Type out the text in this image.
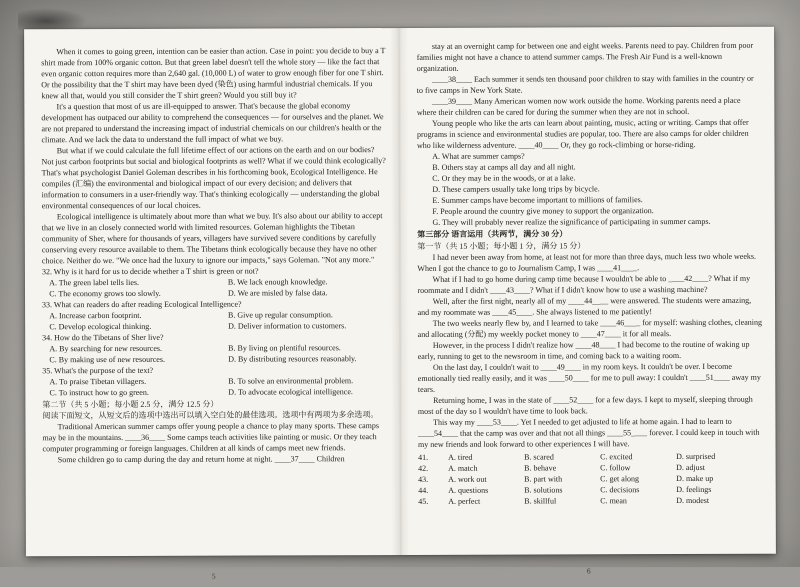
When it comes to going green, intention can be easier than action. Case in point: you decide to buy a T shirt made from 100% organic cotton. But that green label doesn't tell the whole story — like the fact that even organic cotton requires more than 2,640 gal. (10,000 L) of water to grow enough fiber for one T shirt. Or the possibility that the T shirt may have been dyed (染色) using harmful industrial chemicals. If you knew all that, would you still consider the T shirt green? Would you still buy it?

It's a question that most of us are ill-equipped to answer. That's because the global economy development has outpaced our ability to comprehend the consequences — for ourselves and the planet. We are not prepared to understand the increasing impact of industrial chemicals on our children's health or the climate. And we lack the data to understand the full impact of what we buy.

But what if we could calculate the full lifetime effect of our actions on the earth and on our bodies? Not just carbon footprints but social and biological footprints as well? What if we could think ecologically? That's what psychologist Daniel Goleman describes in his forthcoming book, Ecological Intelligence. He compiles (汇编) the environmental and biological impact of our every decision; and delivers that information to consumers in a user-friendly way. That's thinking ecologically — understanding the global environmental consequences of our local choices.

Ecological intelligence is ultimately about more than what we buy. It's also about our ability to accept that we live in an closely connected world with limited resources. Goleman highlights the Tibetan community of Sher, where for thousands of years, villagers have survived severe conditions by carefully conserving every resource available to them. The Tibetans think ecologically because they have no other choice. Neither do we. "We once had the luxury to ignore our impacts," says Goleman. "Not any more."

32. Why is it hard for us to decide whether a T shirt is green or not?
A. The green label tells lies.	B. We lack enough knowledge.
C. The economy grows too slowly.	D. We are misled by false data.
33. What can readers do after reading Ecological Intelligence?
A. Increase carbon footprint.	B. Give up regular consumption.
C. Develop ecological thinking.	D. Deliver information to customers.
34. How do the Tibetans of Sher live?
A. By searching for new resources.	B. By living on plentiful resources.
C. By making use of new resources.	D. By distributing resources reasonably.
35. What's the purpose of the text?
A. To praise Tibetan villagers.	B. To solve an environmental problem.
C. To instruct how to go green.	D. To advocate ecological intelligence.
第二节（共 5 小题；每小题 2.5 分，满分 12.5 分）
阅读下面短文，从短文后的选项中选出可以填入空白处的最佳选项。选项中有两项为多余选项。

Traditional American summer camps offer young people a chance to play many sports. These camps may be in the mountains. ____36____ Some camps teach activities like painting or music. Or they teach computer programming or foreign languages. Children at all kinds of camps meet new friends.

Some children go to camp during the day and return home at night. ____37____ Children

5

stay at an overnight camp for between one and eight weeks. Parents need to pay. Children from poor families might not have a chance to attend summer camps. The Fresh Air Fund is a well-known organization.

____38____ Each summer it sends ten thousand poor children to stay with families in the country or to five camps in New York State.

____39____ Many American women now work outside the home. Working parents need a place where their children can be cared for during the summer when they are not in school.

Young people who like the arts can learn about painting, music, acting or writing. Camps that offer programs in science and environmental studies are popular, too. There are also camps for older children who like wilderness adventure. ____40____ Or, they go rock-climbing or horse-riding.

A. What are summer camps?
B. Others stay at camps all day and all night.
C. Or they may be in the woods, or at a lake.
D. These campers usually take long trips by bicycle.
E. Summer camps have become important to millions of families.
F. People around the country give money to support the organization.
G. They will probably never realize the significance of participating in summer camps.
第三部分 语言运用（共两节，满分 30 分）
第一节（共 15 小题；每小题 1 分，满分 15 分）

I had never been away from home, at least not for more than three days, much less two whole weeks. When I got the chance to go to Journalism Camp, I was ____41____.

What if I had to go home during camp time because I wouldn't be able to ____42____? What if my roommate and I didn't ____43____? What if I didn't know how to use a washing machine?

Well, after the first night, nearly all of my ____44____ were answered. The students were amazing, and my roommate was ____45____. She always listened to me patiently!

The two weeks nearly flew by, and I learned to take ____46____ for myself: washing clothes, cleaning and allocating (分配) my weekly pocket money to ____47____ it for all meals.

However, in the process I didn't realize how ____48____ I had become to the routine of waking up early, running to get to the newsroom in time, and coming back to a waiting room.

On the last day, I couldn't wait to ____49____ in my room keys. It couldn't be over. I become emotionally tied really easily, and it was ____50____ for me to pull away: I couldn't ____51____ away my tears.

Returning home, I was in the state of ____52____ for a few days. I kept to myself, sleeping through most of the day so I wouldn't have time to look back.

This way my ____53____. Yet I needed to get adjusted to life at home again. I had to learn to ____54____ that the camp was over and that not all things ____55____ forever. I could keep in touch with my new friends and look forward to other experiences I will have.

41.	A. tired	B. scared	C. excited	D. surprised
42.	A. match	B. behave	C. follow	D. adjust
43.	A. work out	B. part with	C. get along	D. make up
44.	A. questions	B. solutions	C. decisions	D. feelings
45.	A. perfect	B. skillful	C. mean	D. modest
6
